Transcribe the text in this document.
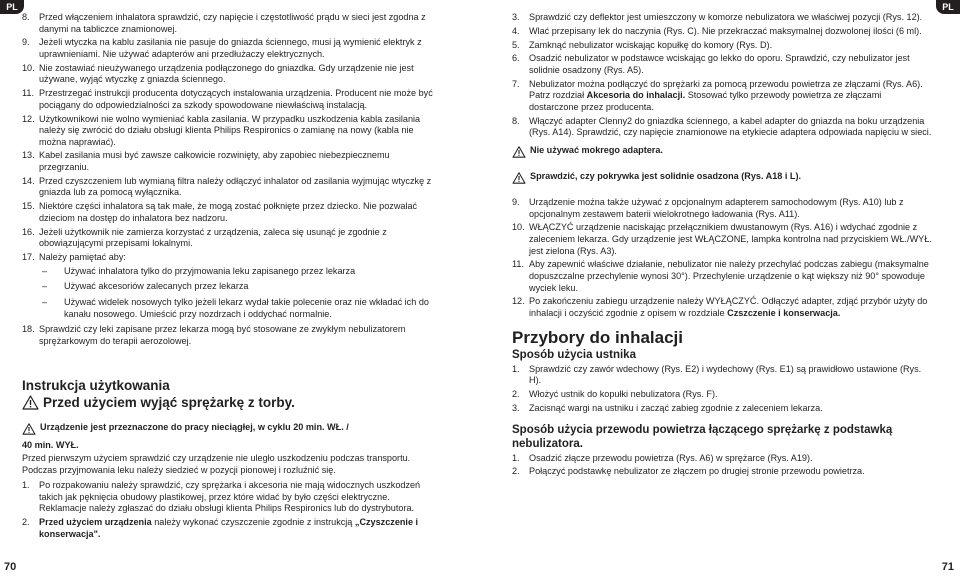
PL	PL
8.	Przed włączeniem inhalatora sprawdzić, czy napięcie i częstotliwość prądu w sieci jest zgodna z danymi na tabliczce znamionowej.
9.	Jeżeli wtyczka na kablu zasilania nie pasuje do gniazda ściennego, musi ją wymienić elektryk z uprawnieniami. Nie używać adapterów ani przedłużaczy elektrycznych.
10. Nie zostawiać nieużywanego urządzenia podłączonego do gniazdka. Gdy urządzenie nie jest używane, wyjąć wtyczkę z gniazda ściennego.
11. Przestrzegać instrukcji producenta dotyczących instalowania urządzenia. Producent nie może być pociągany do odpowiedzialności za szkody spowodowane niewłaściwą instalacją.
12. Użytkownikowi nie wolno wymieniać kabla zasilania. W przypadku uszkodzenia kabla zasilania należy się zwrócić do działu obsługi klienta Philips Respironics o zamianę na nowy (kabla nie można naprawiać).
13. Kabel zasilania musi być zawsze całkowicie rozwinięty, aby zapobiec niebezpiecznemu przegrzaniu.
14. Przed czyszczeniem lub wymianą filtra należy odłączyć inhalator od zasilania wyjmując wtyczkę z gniazda lub za pomocą wyłącznika.
15. Niektóre części inhalatora są tak małe, że mogą zostać połknięte przez dziecko. Nie pozwalać dzieciom na dostęp do inhalatora bez nadzoru.
16. Jeżeli użytkownik nie zamierza korzystać z urządzenia, zaleca się usunąć je zgodnie z obowiązującymi przepisami lokalnymi.
17. Należy pamiętać aby:
–	Używać inhalatora tylko do przyjmowania leku zapisanego przez lekarza
–	Używać akcesoriów zalecanych przez lekarza
–	Używać widelek nosowych tylko jeżeli lekarz wydał takie polecenie oraz nie wkładać ich do kanału nosowego. Umieścić przy nozdrzach i oddychać normalnie.
18. Sprawdzić czy leki zapisane przez lekarza mogą być stosowane ze zwykłym nebulizatorem sprężarkowym do terapii aerozolowej.
Instrukcja użytkowania
Przed użyciem wyjąć sprężarkę z torby.
Urządzenie jest przeznaczone do pracy nieciągłej, w cyklu 20 min. WŁ. /
40 min. WYŁ.
Przed pierwszym użyciem sprawdzić czy urządzenie nie uległo uszkodzeniu podczas transportu. Podczas przyjmowania leku należy siedzieć w pozycji pionowej i rozluźnić się.
1.	Po rozpakowaniu należy sprawdzić, czy sprężarka i akcesoria nie mają widocznych uszkodzeń takich jak pęknięcia obudowy plastikowej, przez które widać by było części elektryczne. Reklamacje należy zgłaszać do działu obsługi klienta Philips Respironics lub do dystrybutora.
2.	Przed użyciem urządzenia należy wykonać czyszczenie zgodnie z instrukcją „Czyszczenie i konserwacja".
3.	Sprawdzić czy deflektor jest umieszczony w komorze nebulizatora we właściwej pozycji (Rys. 12).
4.	Wlać przepisany lek do naczynia (Rys. C). Nie przekraczać maksymalnej dozwolonej ilości (6 ml).
5.	Zamknąć nebulizator wciskając kopułkę do komory (Rys. D).
6.	Osadzić nebulizator w podstawce wciskając go lekko do oporu. Sprawdzić, czy nebulizator jest solidnie osadzony (Rys. A5).
7.	Nebulizator można podłączyć do sprężarki za pomocą przewodu powietrza ze złączami (Rys. A6). Patrz rozdział Akcesoria do inhalacji. Stosować tylko przewody powietrza ze złączami dostarczone przez producenta.
8.	Włączyć adapter Clenny2 do gniazdka ściennego, a kabel adapter do gniazda na boku urządzenia (Rys. A14). Sprawdzić, czy napięcie znamionowe na etykiecie adaptera odpowiada napięciu w sieci.
Nie używać mokrego adaptera.
Sprawdzić, czy pokrywka jest solidnie osadzona (Rys. A18 i L).
9.	Urządzenie można także używać z opcjonalnym adapterem samochodowym (Rys. A10) lub z opcjonalnym zestawem baterii wielokrotnego ładowania (Rys. A11).
10. WŁĄCZYĆ urządzenie naciskając przełącznikiem dwustanowym (Rys. A16) i wdychać zgodnie z zaleceniem lekarza. Gdy urządzenie jest WŁĄCZONE, lampka kontrolna nad przyciskiem WŁ./WYŁ. jest zielona (Rys. A3).
11. Aby zapewnić właściwe działanie, nebulizator nie należy przechylać podczas zabiegu (maksymalne dopuszczalne przechylenie wynosi 30°). Przechylenie urządzenie o kąt większy niż 90° spowoduje wyciek leku.
12. Po zakończeniu zabiegu urządzenie należy WYŁĄCZYĆ. Odłączyć adapter, zdjąć przybór użyty do inhalacji i oczyścić zgodnie z opisem w rozdziale Czszczenie i konserwacja.
Przybory do inhalacji
Sposób użycia ustnika
1.	Sprawdzić czy zawór wdechowy (Rys. E2) i wydechowy (Rys. E1) są prawidłowo ustawione (Rys. H).
2.	Włożyć ustnik do kopułki nebulizatora (Rys. F).
3.	Zacisnąć wargi na ustniku i zacząć zabieg zgodnie z zaleceniem lekarza.
Sposób użycia przewodu powietrza łączącego sprężarkę z podstawką nebulizatora.
1.	Osadzić złącze przewodu powietrza (Rys. A6) w sprężarce (Rys. A19).
2.	Połączyć podstawkę nebulizator ze złączem po drugiej stronie przewodu powietrza.
70	71
